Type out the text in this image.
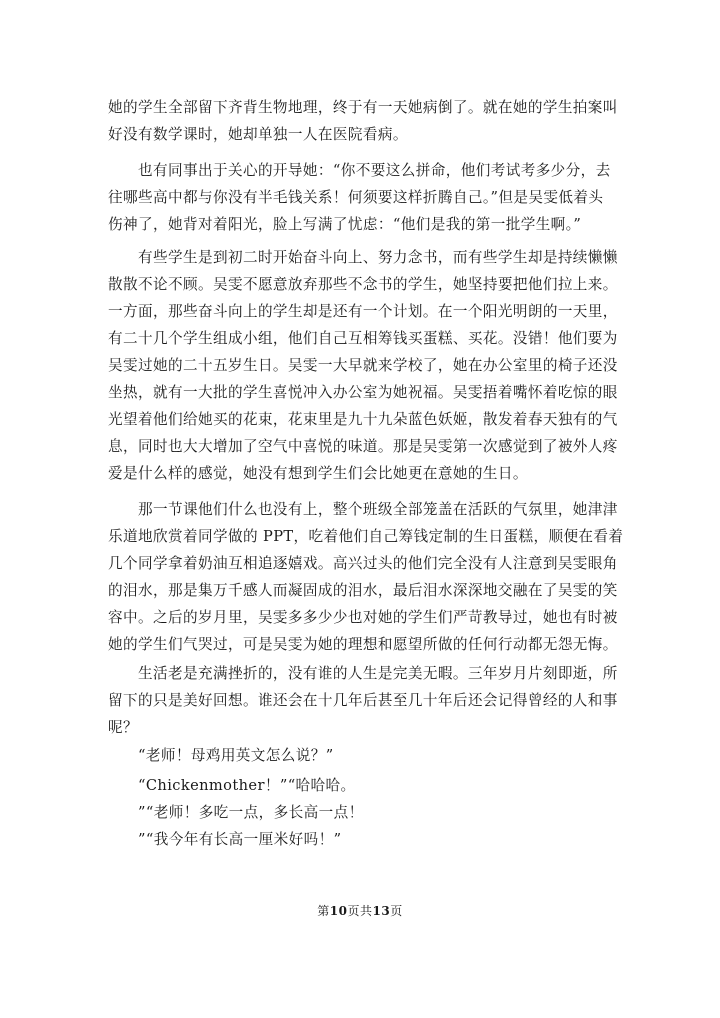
她的学生全部留下齐背生物地理，终于有一天她病倒了。就在她的学生拍案叫
好没有数学课时，她却单独一人在医院看病。

　　也有同事出于关心的开导她：“你不要这么拼命，他们考试考多少分，去
往哪些高中都与你没有半毛钱关系！何须要这样折腾自己。”但是吴雯低着头
伤神了，她背对着阳光，脸上写满了忧虑：“他们是我的第一批学生啊。”

　　有些学生是到初二时开始奋斗向上、努力念书，而有些学生却是持续懒懒
散散不论不顾。吴雯不愿意放弃那些不念书的学生，她坚持要把他们拉上来。
一方面，那些奋斗向上的学生却是还有一个计划。在一个阳光明朗的一天里，
有二十几个学生组成小组，他们自己互相筹钱买蛋糕、买花。没错！他们要为
吴雯过她的二十五岁生日。吴雯一大早就来学校了，她在办公室里的椅子还没
坐热，就有一大批的学生喜悦冲入办公室为她祝福。吴雯捂着嘴怀着吃惊的眼
光望着他们给她买的花束，花束里是九十九朵蓝色妖姬，散发着春天独有的气
息，同时也大大增加了空气中喜悦的味道。那是吴雯第一次感觉到了被外人疼
爱是什么样的感觉，她没有想到学生们会比她更在意她的生日。

　　那一节课他们什么也没有上，整个班级全部笼盖在活跃的气氛里，她津津
乐道地欣赏着同学做的 PPT，吃着他们自己筹钱定制的生日蛋糕，顺便在看着
几个同学拿着奶油互相追逐嬉戏。高兴过头的他们完全没有人注意到吴雯眼角
的泪水，那是集万千感人而凝固成的泪水，最后泪水深深地交融在了吴雯的笑
容中。之后的岁月里，吴雯多多少少也对她的学生们严苛教导过，她也有时被
她的学生们气哭过，可是吴雯为她的理想和愿望所做的任何行动都无怨无悔。

　　生活老是充满挫折的，没有谁的人生是完美无暇。三年岁月片刻即逝，所
留下的只是美好回想。谁还会在十几年后甚至几十年后还会记得曾经的人和事
呢？

　　“老师！母鸡用英文怎么说？”

　　“Chickenmother！”“哈哈哈。
　　”“老师！多吃一点，多长高一点！
　　”“我今年有长高一厘米好吗！”

第10页共13页
